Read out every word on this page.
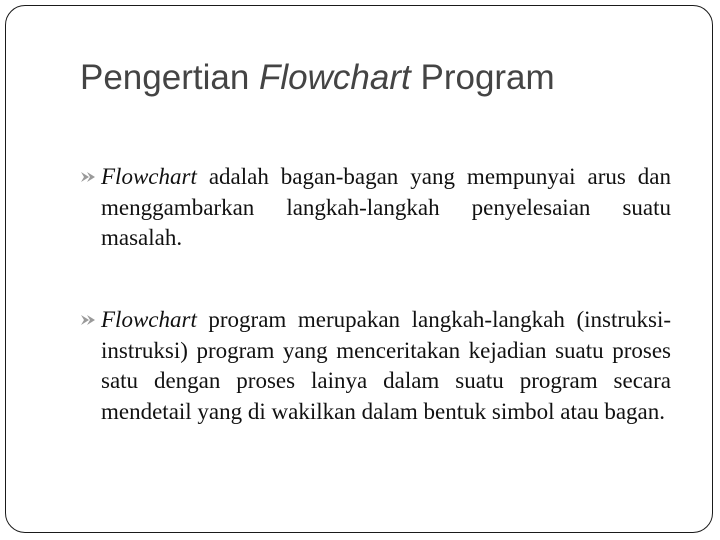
Pengertian Flowchart Program
Flowchart adalah bagan-bagan yang mempunyai arus dan menggambarkan langkah-langkah penyelesaian suatu masalah.
Flowchart program merupakan langkah-langkah (instruksi-instruksi) program yang menceritakan kejadian suatu proses satu dengan proses lainya dalam suatu program secara mendetail yang di wakilkan dalam bentuk simbol atau bagan.
